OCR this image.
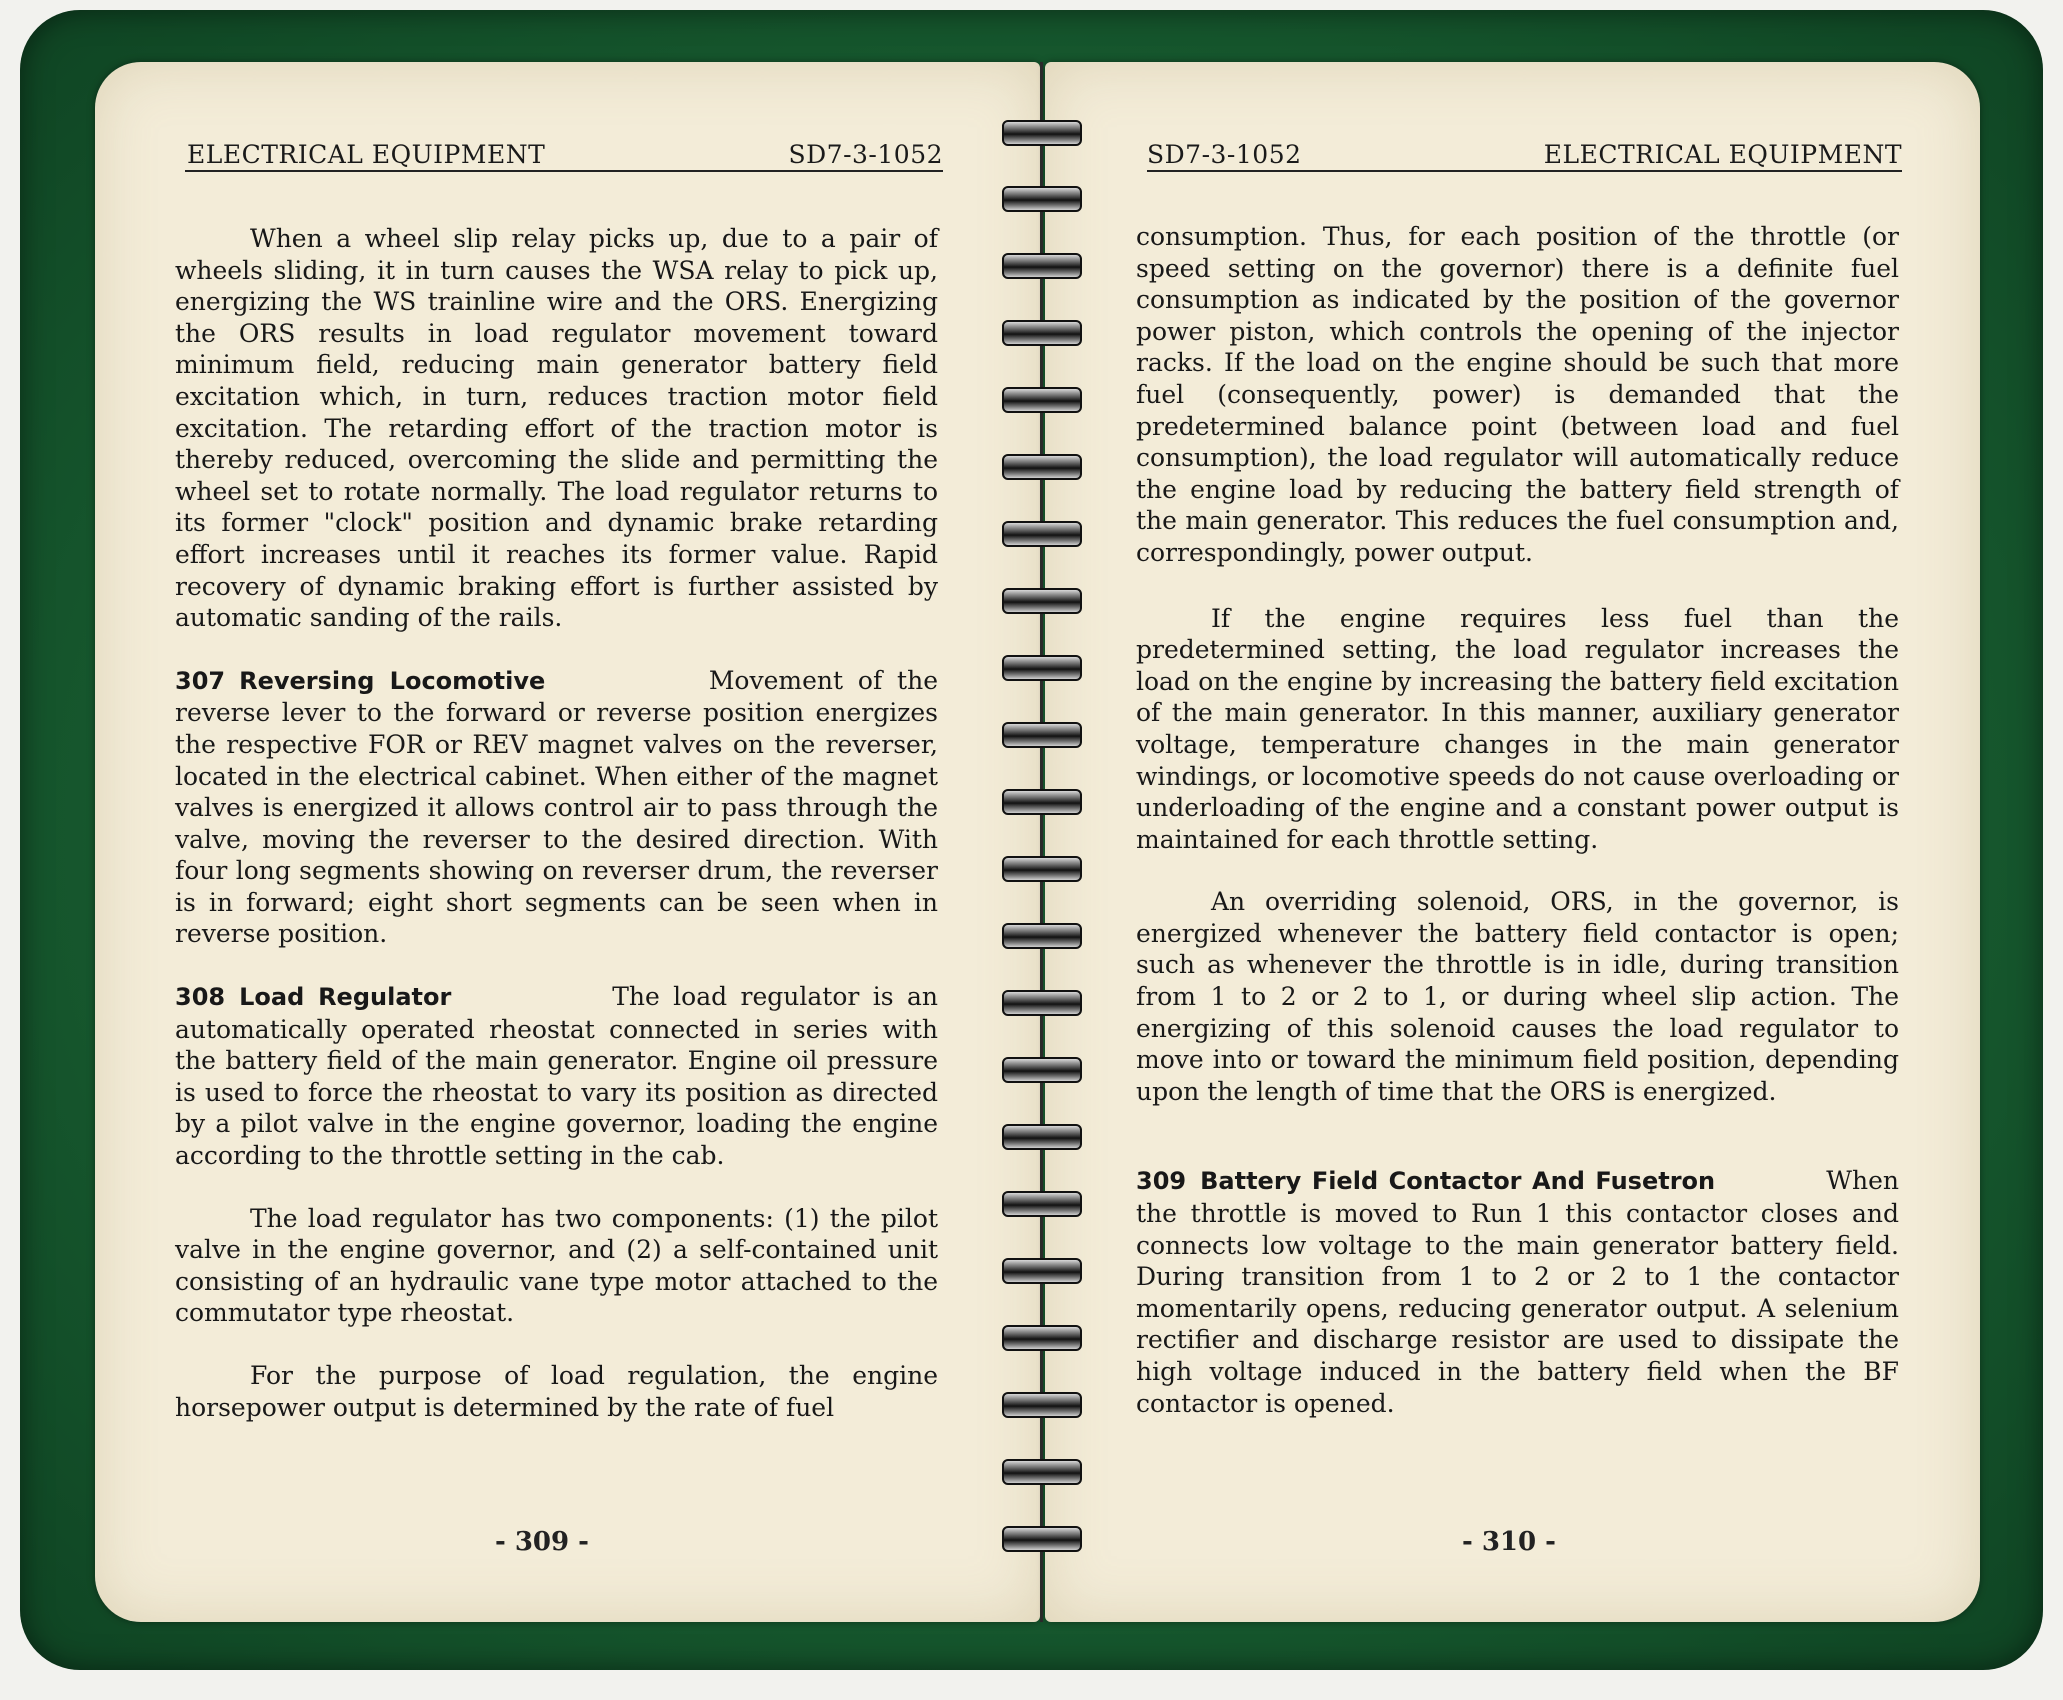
ELECTRICAL EQUIPMENT	SD7-3-1052

When a wheel slip relay picks up, due to a pair of wheels sliding, it in turn causes the WSA relay to pick up, energizing the WS trainline wire and the ORS. Energizing the ORS results in load regulator movement toward minimum field, reducing main generator battery field excitation which, in turn, reduces traction motor field excitation. The retarding effort of the traction motor is thereby reduced, overcoming the slide and permitting the wheel set to rotate normally. The load regulator returns to its former "clock" position and dynamic brake retarding effort increases until it reaches its former value. Rapid recovery of dynamic braking effort is further assisted by automatic sanding of the rails.

307 Reversing Locomotive	Movement of the reverse lever to the forward or reverse position energizes the respective FOR or REV magnet valves on the reverser, located in the electrical cabinet. When either of the magnet valves is energized it allows control air to pass through the valve, moving the reverser to the desired direction. With four long segments showing on reverser drum, the reverser is in forward; eight short segments can be seen when in reverse position.

308 Load Regulator	The load regulator is an automatically operated rheostat connected in series with the battery field of the main generator. Engine oil pressure is used to force the rheostat to vary its position as directed by a pilot valve in the engine governor, loading the engine according to the throttle setting in the cab.

The load regulator has two components: (1) the pilot valve in the engine governor, and (2) a self-contained unit consisting of an hydraulic vane type motor attached to the commutator type rheostat.

For the purpose of load regulation, the engine horsepower output is determined by the rate of fuel

- 309 -
SD7-3-1052	ELECTRICAL EQUIPMENT

consumption. Thus, for each position of the throttle (or speed setting on the governor) there is a definite fuel consumption as indicated by the position of the governor power piston, which controls the opening of the injector racks. If the load on the engine should be such that more fuel (consequently, power) is demanded that the predetermined balance point (between load and fuel consumption), the load regulator will automatically reduce the engine load by reducing the battery field strength of the main generator. This reduces the fuel consumption and, correspondingly, power output.

If the engine requires less fuel than the predetermined setting, the load regulator increases the load on the engine by increasing the battery field excitation of the main generator. In this manner, auxiliary generator voltage, temperature changes in the main generator windings, or locomotive speeds do not cause overloading or underloading of the engine and a constant power output is maintained for each throttle setting.

An overriding solenoid, ORS, in the governor, is energized whenever the battery field contactor is open; such as whenever the throttle is in idle, during transition from 1 to 2 or 2 to 1, or during wheel slip action. The energizing of this solenoid causes the load regulator to move into or toward the minimum field position, depending upon the length of time that the ORS is energized.

309 Battery Field Contactor And Fusetron	When the throttle is moved to Run 1 this contactor closes and connects low voltage to the main generator battery field. During transition from 1 to 2 or 2 to 1 the contactor momentarily opens, reducing generator output. A selenium rectifier and discharge resistor are used to dissipate the high voltage induced in the battery field when the BF contactor is opened.

- 310 -
